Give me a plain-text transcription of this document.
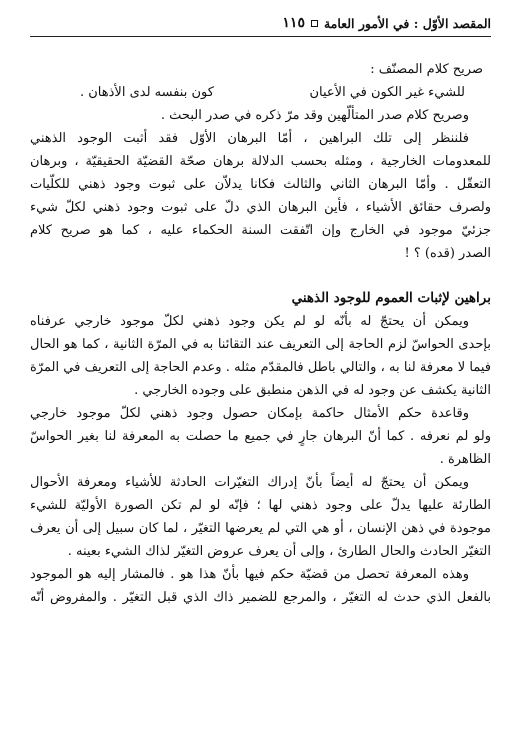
المقصد الأوّل : في الأمور العامة
١١٥
صريح كلام المصنّف :
للشيء غير الكون في الأعيان
كون بنفسه لدى الأذهان .
وصريح كلام صدر المتألّهين وقد مرّ ذكره في صدر البحث .
فلننظر إلى تلك البراهين ، أمّا البرهان الأوّل فقد أثبت الوجود الذهني
للمعدومات الخارجية ، ومثله بحسب الدلالة برهان صحّة القضيّة الحقيقيّة ، وبرهان
التعقّل . وأمّا البرهان الثاني والثالث فكانا يدلاّن على ثبوت وجود ذهني للكلّيات
ولصرف حقائق الأشياء ، فأين البرهان الذي دلّ على ثبوت وجود ذهني لكلّ شيء
جزئيّ موجود في الخارج وإن اتّفقت السنة الحكماء عليه ، كما هو صريح كلام
الصدر (قده) ؟ !
براهين لإثبات العموم للوجود الذهني
ويمكن أن يحتجّ له بأنّه لو لم يكن وجود ذهني لكلّ موجود خارجي عرفناه
بإحدى الحواسّ لزم الحاجة إلى التعريف عند التقائنا به في المرّة الثانية ، كما هو الحال
فيما لا معرفة لنا به ، والتالي باطل فالمقدّم مثله . وعدم الحاجة إلى التعريف في المرّة
الثانية يكشف عن وجود له في الذهن منطبق على وجوده الخارجي .
وقاعدة حكم الأمثال حاكمة بإمكان حصول وجود ذهني لكلّ موجود خارجي
ولو لم نعرفه . كما أنّ البرهان جارٍ في جميع ما حصلت به المعرفة لنا بغير الحواسّ
الظاهرة .
ويمكن أن يحتجّ له أيضاً بأنّ إدراك التغيّرات الحادثة للأشياء ومعرفة الأحوال
الطارئة عليها يدلّ على وجود ذهني لها ؛ فإنّه لو لم تكن الصورة الأوليّة للشيء
موجودة في ذهن الإنسان ، أو هي التي لم يعرضها التغيّر ، لما كان سبيل إلى أن يعرف
التغيّر الحادث والحال الطارئ ، وإلى أن يعرف عروض التغيّر لذاك الشيء بعينه .
وهذه المعرفة تحصل من قضيّة حكم فيها بأنّ هذا هو . فالمشار إليه هو الموجود
بالفعل الذي حدث له التغيّر ، والمرجع للضمير ذاك الذي قبل التغيّر . والمفروض أنّه
